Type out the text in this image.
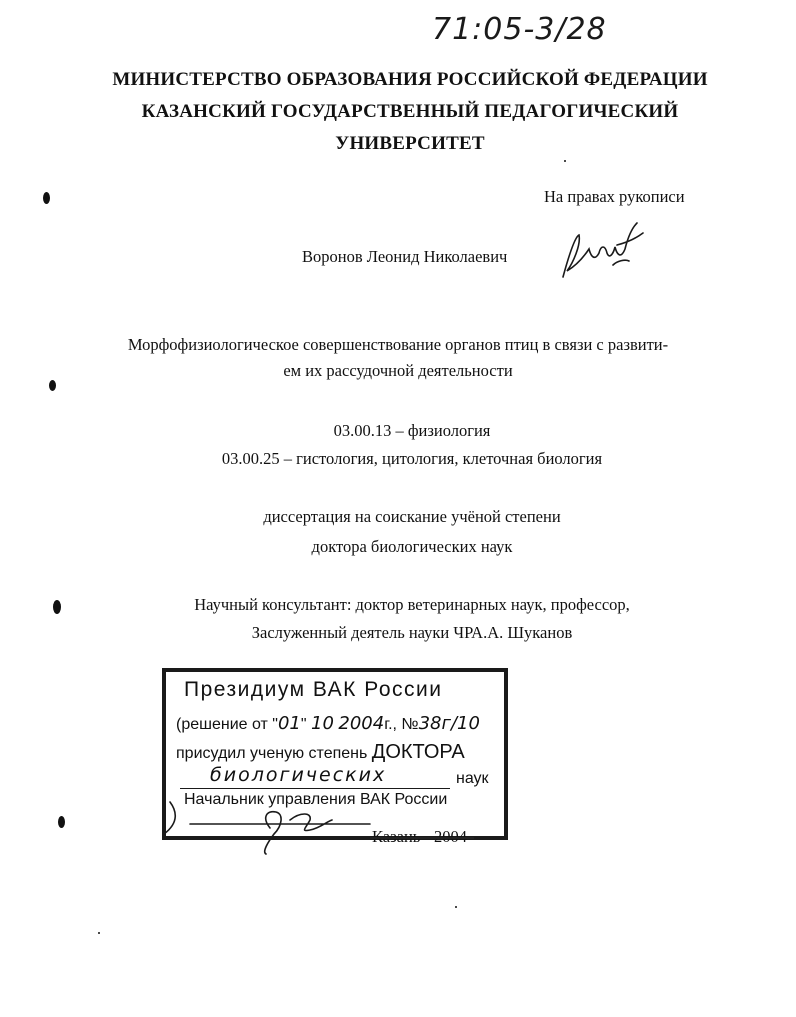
71:05-3/28
МИНИСТЕРСТВО ОБРАЗОВАНИЯ РОССИЙСКОЙ ФЕДЕРАЦИИ
КАЗАНСКИЙ ГОСУДАРСТВЕННЫЙ ПЕДАГОГИЧЕСКИЙ
УНИВЕРСИТЕТ
На правах рукописи
Воронов Леонид Николаевич
Морфофизиологическое совершенствование органов птиц в связи с развити-
ем их рассудочной деятельности
03.00.13 – физиология
03.00.25 – гистология, цитология, клеточная биология
диссертация на соискание учёной степени
доктора биологических наук
Научный консультант: доктор ветеринарных наук, профессор,
Заслуженный деятель науки ЧРА.А. Шуканов
Президиум ВАК России
(решение от "01" 10 2004г., №38г/10
присудил ученую степень ДОКТОРА
биологических	наук
Начальник управления ВАК России
